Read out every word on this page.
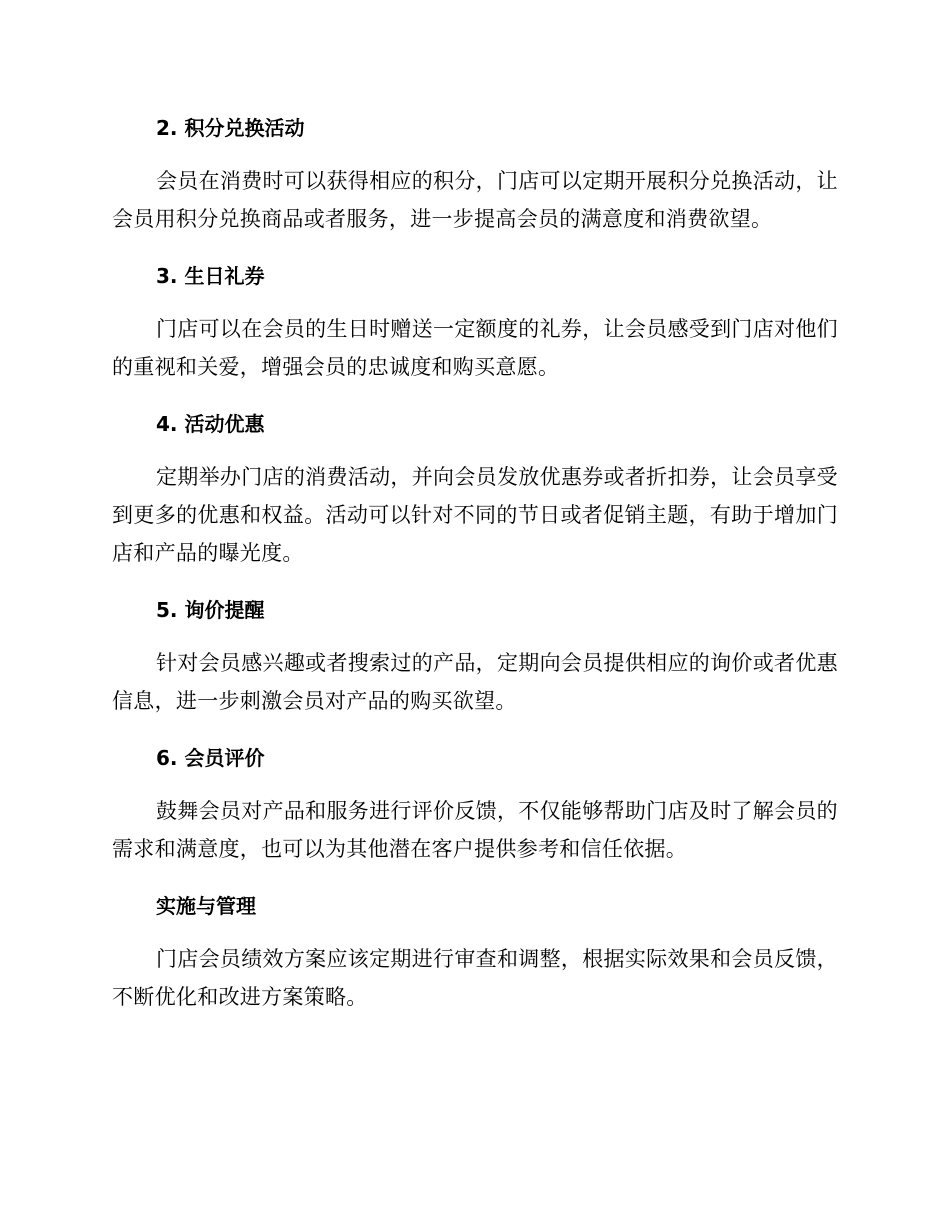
2. 积分兑换活动

会员在消费时可以获得相应的积分，门店可以定期开展积分兑换活动，让会员用积分兑换商品或者服务，进一步提高会员的满意度和消费欲望。

3. 生日礼券

门店可以在会员的生日时赠送一定额度的礼券，让会员感受到门店对他们的重视和关爱，增强会员的忠诚度和购买意愿。

4. 活动优惠

定期举办门店的消费活动，并向会员发放优惠券或者折扣券，让会员享受到更多的优惠和权益。活动可以针对不同的节日或者促销主题，有助于增加门店和产品的曝光度。

5. 询价提醒

针对会员感兴趣或者搜索过的产品，定期向会员提供相应的询价或者优惠信息，进一步刺激会员对产品的购买欲望。

6. 会员评价

鼓舞会员对产品和服务进行评价反馈，不仅能够帮助门店及时了解会员的需求和满意度，也可以为其他潜在客户提供参考和信任依据。

实施与管理

门店会员绩效方案应该定期进行审查和调整，根据实际效果和会员反馈，不断优化和改进方案策略。
